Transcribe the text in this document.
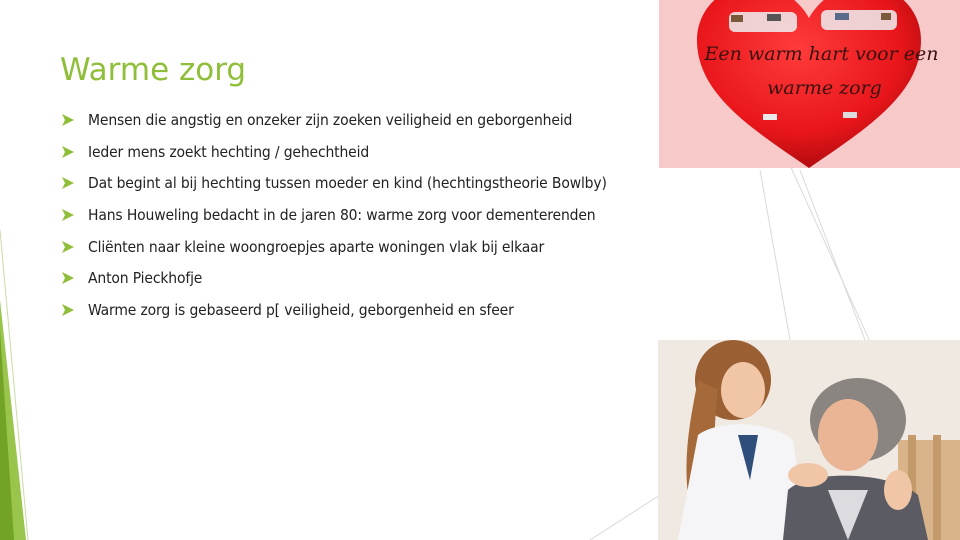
Warme zorg
Mensen die angstig en onzeker zijn zoeken veiligheid en geborgenheid
Ieder mens zoekt hechting / gehechtheid
Dat begint al bij hechting tussen moeder en kind (hechtingstheorie Bowlby)
Hans Houweling bedacht in de jaren 80: warme zorg voor dementerenden
Cliënten naar kleine woongroepjes aparte woningen vlak bij elkaar
Anton Pieckhofje
Warme zorg is gebaseerd p[ veiligheid, geborgenheid en sfeer
Een warm hart voor een
warme zorg
